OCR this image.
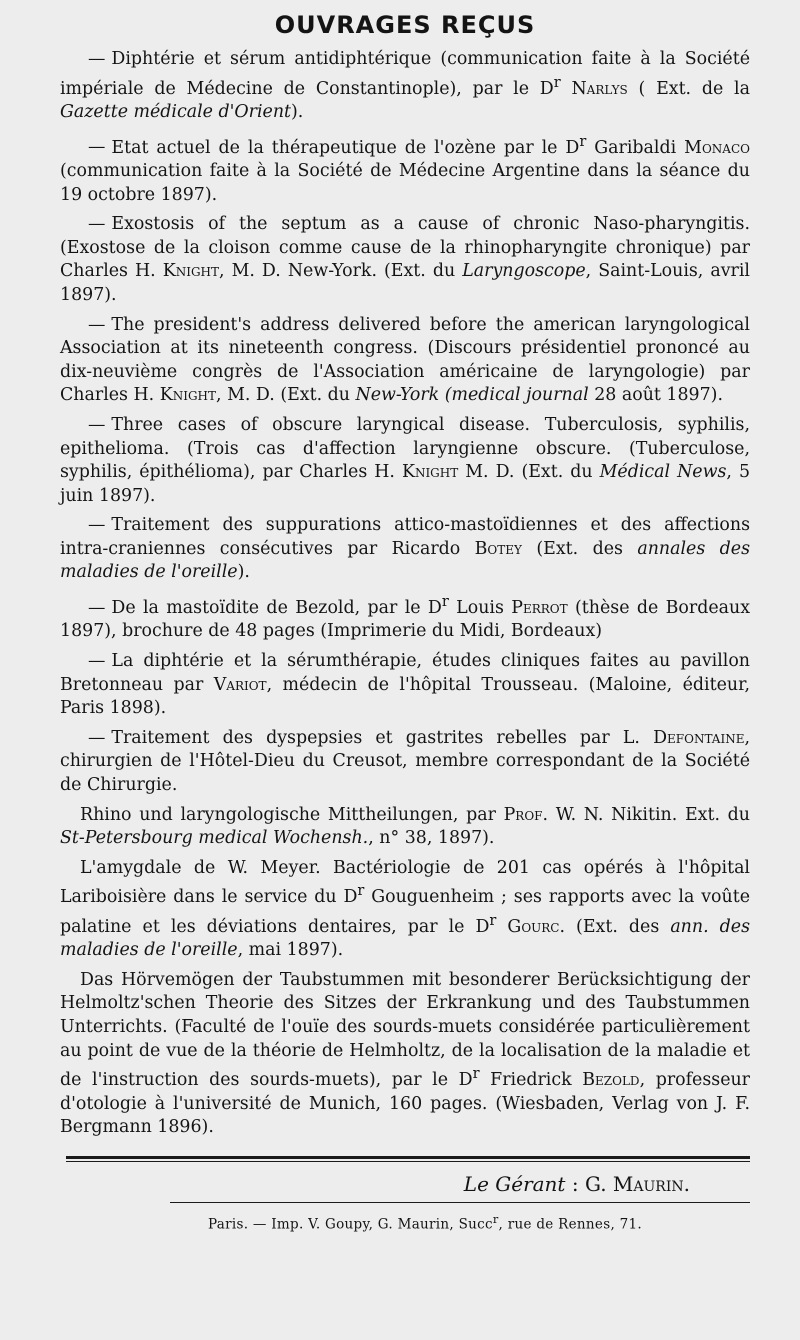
OUVRAGES REÇUS

— Diphtérie et sérum antidiphtérique (communication faite à la Société impériale de Médecine de Constantinople), par le $D^r$ Narlys ( Ext. de la Gazette médicale d'Orient).

— Etat actuel de la thérapeutique de l'ozène par le $D^r$ Garibaldi Monaco (communication faite à la Société de Médecine Argentine dans la séance du 19 octobre 1897).

— Exostosis of the septum as a cause of chronic Naso-pharyngitis. (Exostose de la cloison comme cause de la rhinopharyngite chronique) par Charles H. Knight, M. D. New-York. (Ext. du Laryngoscope, Saint-Louis, avril 1897).

— The president's address delivered before the american laryngological Association at its nineteenth congress. (Discours présidentiel prononcé au dix-neuvième congrès de l'Association américaine de laryngologie) par Charles H. Knight, M. D. (Ext. du New-York (medical journal 28 août 1897).

— Three cases of obscure laryngical disease. Tuberculosis, syphilis, epithelioma. (Trois cas d'affection laryngienne obscure. (Tuberculose, syphilis, épithélioma), par Charles H. Knight M. D. (Ext. du Médical News, 5 juin 1897).

— Traitement des suppurations attico-mastoïdiennes et des affections intra-craniennes consécutives par Ricardo Botey (Ext. des annales des maladies de l'oreille).

— De la mastoïdite de Bezold, par le $D^r$ Louis Perrot (thèse de Bordeaux 1897), brochure de 48 pages (Imprimerie du Midi, Bordeaux)

— La diphtérie et la sérumthérapie, études cliniques faites au pavillon Bretonneau par Variot, médecin de l'hôpital Trousseau. (Maloine, éditeur, Paris 1898).

— Traitement des dyspepsies et gastrites rebelles par L. Defontaine, chirurgien de l'Hôtel-Dieu du Creusot, membre correspondant de la Société de Chirurgie.

Rhino und laryngologische Mittheilungen, par Prof. W. N. Nikitin. Ext. du St-Petersbourg medical Wochensh., n° 38, 1897).

L'amygdale de W. Meyer. Bactériologie de 201 cas opérés à l'hôpital Lariboisière dans le service du $D^r$ Gouguenheim ; ses rapports avec la voûte palatine et les déviations dentaires, par le $D^r$ Gourc. (Ext. des ann. des maladies de l'oreille, mai 1897).

Das Hörvemögen der Taubstummen mit besonderer Berücksichtigung der Helmoltz'schen Theorie des Sitzes der Erkrankung und des Taubstummen Unterrichts. (Faculté de l'ouïe des sourds-muets considérée particulièrement au point de vue de la théorie de Helmholtz, de la localisation de la maladie et de l'instruction des sourds-muets), par le $D^r$ Friedrick Bezold, professeur d'otologie à l'université de Munich, 160 pages. (Wiesbaden, Verlag von J. F. Bergmann 1896).

Le Gérant : G. Maurin.
Paris. — Imp. V. Goupy, G. Maurin, Succ$^r$, rue de Rennes, 71.
